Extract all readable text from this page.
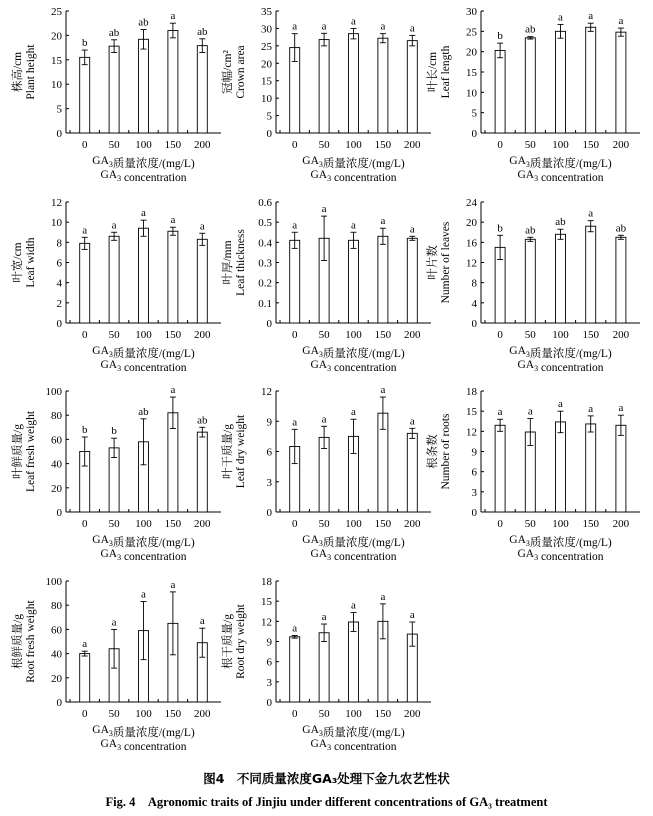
0
5
10
15
20
25
b
0
ab
50
ab
100
a
150
ab
200
$GA_3$质量浓度/(mg/L)
$GA_3$ concentration
株高/cm Plant height
0
5
10
15
20
25
30
35
a
0
a
50
a
100
a
150
a
200
$GA_3$质量浓度/(mg/L)
$GA_3$ concentration
冠幅/cm² Crown area
0
5
10
15
20
25
30
b
0
ab
50
a
100
a
150
a
200
$GA_3$质量浓度/(mg/L)
$GA_3$ concentration
叶长/cm Leaf length
0
2
4
6
8
10
12
a
0
a
50
a
100
a
150
a
200
$GA_3$质量浓度/(mg/L)
$GA_3$ concentration
叶宽/cm Leaf width
0
0.1
0.2
0.3
0.4
0.5
0.6
a
0
a
50
a
100
a
150
a
200
$GA_3$质量浓度/(mg/L)
$GA_3$ concentration
叶厚/mm Leaf thickness
0
4
8
12
16
20
24
b
0
ab
50
ab
100
a
150
ab
200
$GA_3$质量浓度/(mg/L)
$GA_3$ concentration
叶片数 Number of leaves
0
20
40
60
80
100
b
0
b
50
ab
100
a
150
ab
200
$GA_3$质量浓度/(mg/L)
$GA_3$ concentration
叶鲜质量/g Leaf fresh weight
0
3
6
9
12
a
0
a
50
a
100
a
150
a
200
$GA_3$质量浓度/(mg/L)
$GA_3$ concentration
叶干质量/g Leaf dry weight
0
3
6
9
12
15
18
a
0
a
50
a
100
a
150
a
200
$GA_3$质量浓度/(mg/L)
$GA_3$ concentration
根条数 Number of roots
0
20
40
60
80
100
a
0
a
50
a
100
a
150
a
200
$GA_3$质量浓度/(mg/L)
$GA_3$ concentration
根鲜质量/g Root fresh weight
0
3
6
9
12
15
18
a
0
a
50
a
100
a
150
a
200
$GA_3$质量浓度/(mg/L)
$GA_3$ concentration
根干质量/g Root dry weight
图4　不同质量浓度GA₃处理下金九农艺性状
Fig. 4　Agronomic traits of Jinjiu under different concentrations of GA₃ treatment
